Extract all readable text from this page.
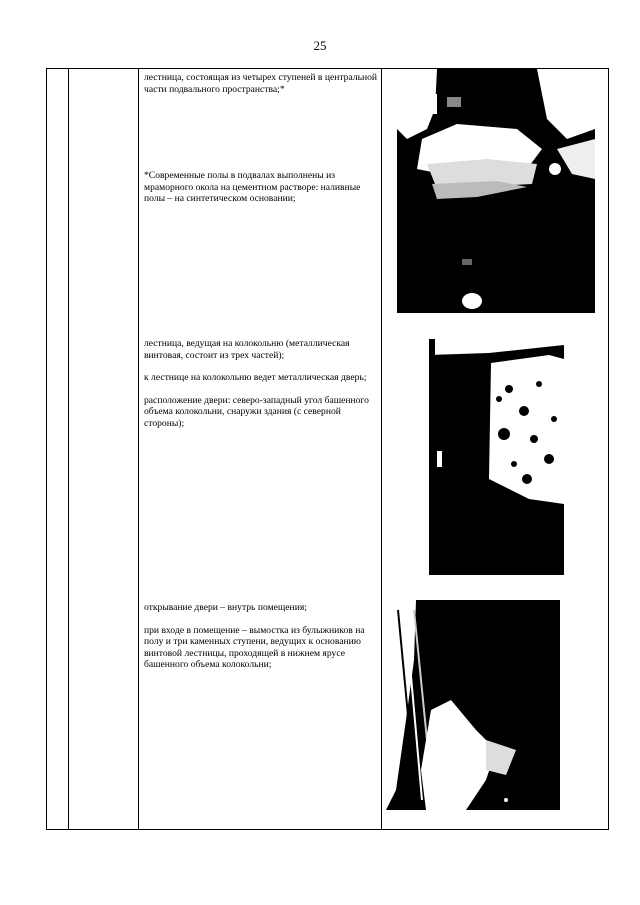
25

лестница, состоящая из четырех ступеней в центральной части подвального пространства;*

*Современные полы в подвалах выполнены из мраморного окола на цементном растворе: наливные полы – на синтетическом основании;

лестница, ведущая на колокольню (металлическая винтовая, состоит из трех частей);

к лестнице на колокольню ведет металлическая дверь;

расположение двери: северо-западный угол башенного объема колокольни, снаружи здания (с северной стороны);

открывание двери – внутрь помещения;

при входе в помещение – вымостка из булыжников на полу и три каменных ступени, ведущих к основанию винтовой лестницы, проходящей в нижнем ярусе башенного объема колокольни;
